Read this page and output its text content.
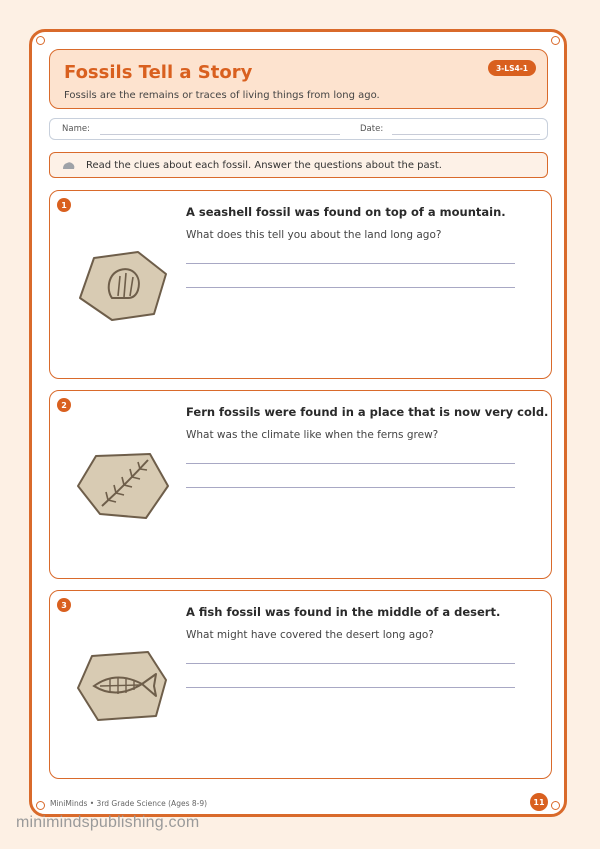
Fossils Tell a Story
Fossils are the remains or traces of living things from long ago.
3-LS4-1
Name:	Date:
Read the clues about each fossil. Answer the questions about the past.
1	A seashell fossil was found on top of a mountain.
What does this tell you about the land long ago?
2	Fern fossils were found in a place that is now very cold.
What was the climate like when the ferns grew?
3	A fish fossil was found in the middle of a desert.
What might have covered the desert long ago?
MiniMinds • 3rd Grade Science (Ages 8-9)	11
minimindspublishing.com
